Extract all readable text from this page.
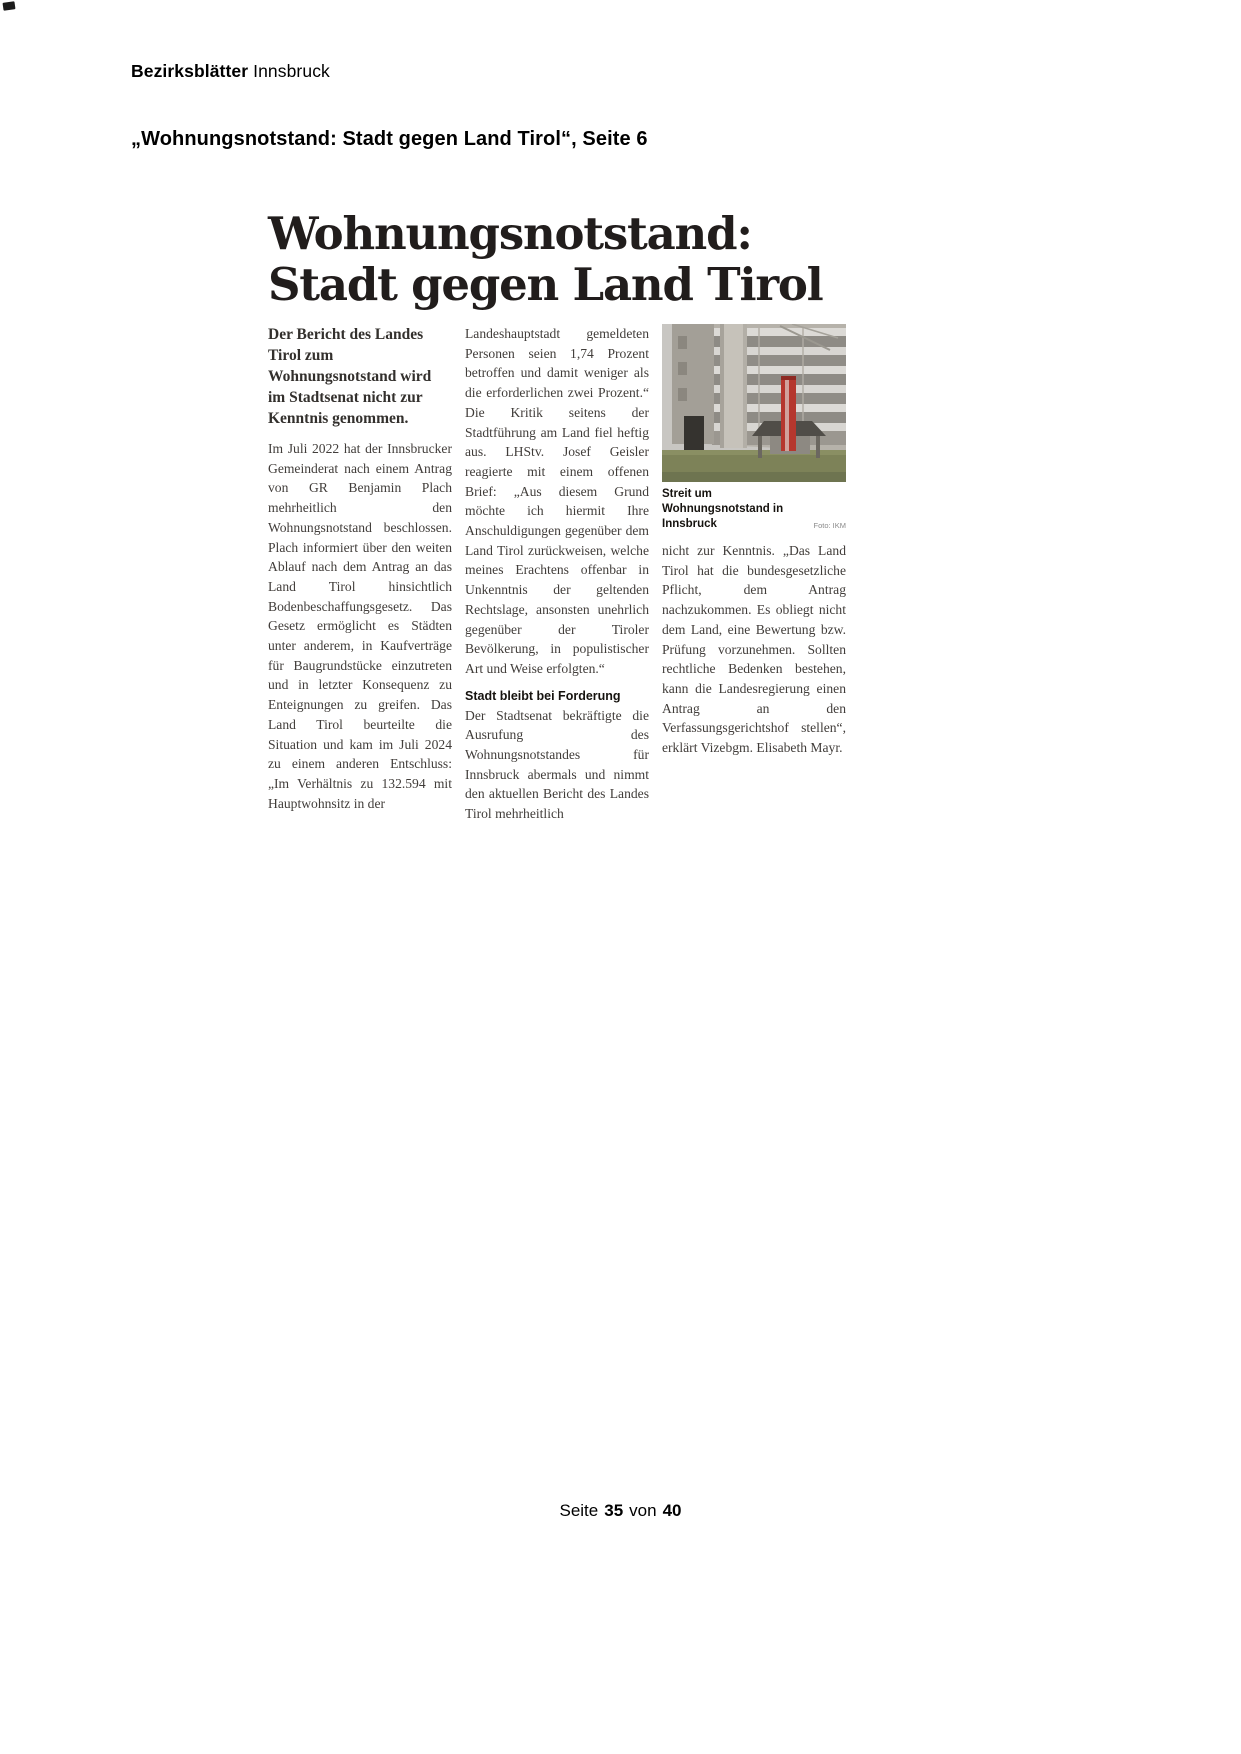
Bezirksblätter Innsbruck
„Wohnungsnotstand: Stadt gegen Land Tirol“, Seite 6
Wohnungsnotstand:
Stadt gegen Land Tirol

Der Bericht des Landes Tirol zum Wohnungsnotstand wird im Stadtsenat nicht zur Kenntnis genommen.

Im Juli 2022 hat der Innsbrucker Gemeinderat nach einem Antrag von GR Benjamin Plach mehrheitlich den Wohnungsnotstand beschlossen. Plach informiert über den weiten Ablauf nach dem Antrag an das Land Tirol hinsichtlich Bodenbeschaffungsgesetz. Das Gesetz ermöglicht es Städten unter anderem, in Kaufverträge für Baugrundstücke einzutreten und in letzter Konsequenz zu Enteignungen zu greifen. Das Land Tirol beurteilte die Situation und kam im Juli 2024 zu einem anderen Entschluss: „Im Verhältnis zu 132.594 mit Hauptwohnsitz in der

Landeshauptstadt gemeldeten Personen seien 1,74 Prozent betroffen und damit weniger als die erforderlichen zwei Prozent.“ Die Kritik seitens der Stadtführung am Land fiel heftig aus. LHStv. Josef Geisler reagierte mit einem offenen Brief: „Aus diesem Grund möchte ich hiermit Ihre Anschuldigungen gegenüber dem Land Tirol zurückweisen, welche meines Erachtens offenbar in Unkenntnis der geltenden Rechtslage, ansonsten unehrlich gegenüber der Tiroler Bevölkerung, in populistischer Art und Weise erfolgten.“

Stadt bleibt bei Forderung

Der Stadtsenat bekräftigte die Ausrufung des Wohnungsnotstandes für Innsbruck abermals und nimmt den aktuellen Bericht des Landes Tirol mehrheitlich

Streit um Wohnungsnotstand in Innsbruck	Foto: IKM

nicht zur Kenntnis. „Das Land Tirol hat die bundesgesetzliche Pflicht, dem Antrag nachzukommen. Es obliegt nicht dem Land, eine Bewertung bzw. Prüfung vorzunehmen. Sollten rechtliche Bedenken bestehen, kann die Landesregierung einen Antrag an den Verfassungsgerichtshof stellen“, erklärt Vizebgm. Elisabeth Mayr.

Seite 35 von 40
